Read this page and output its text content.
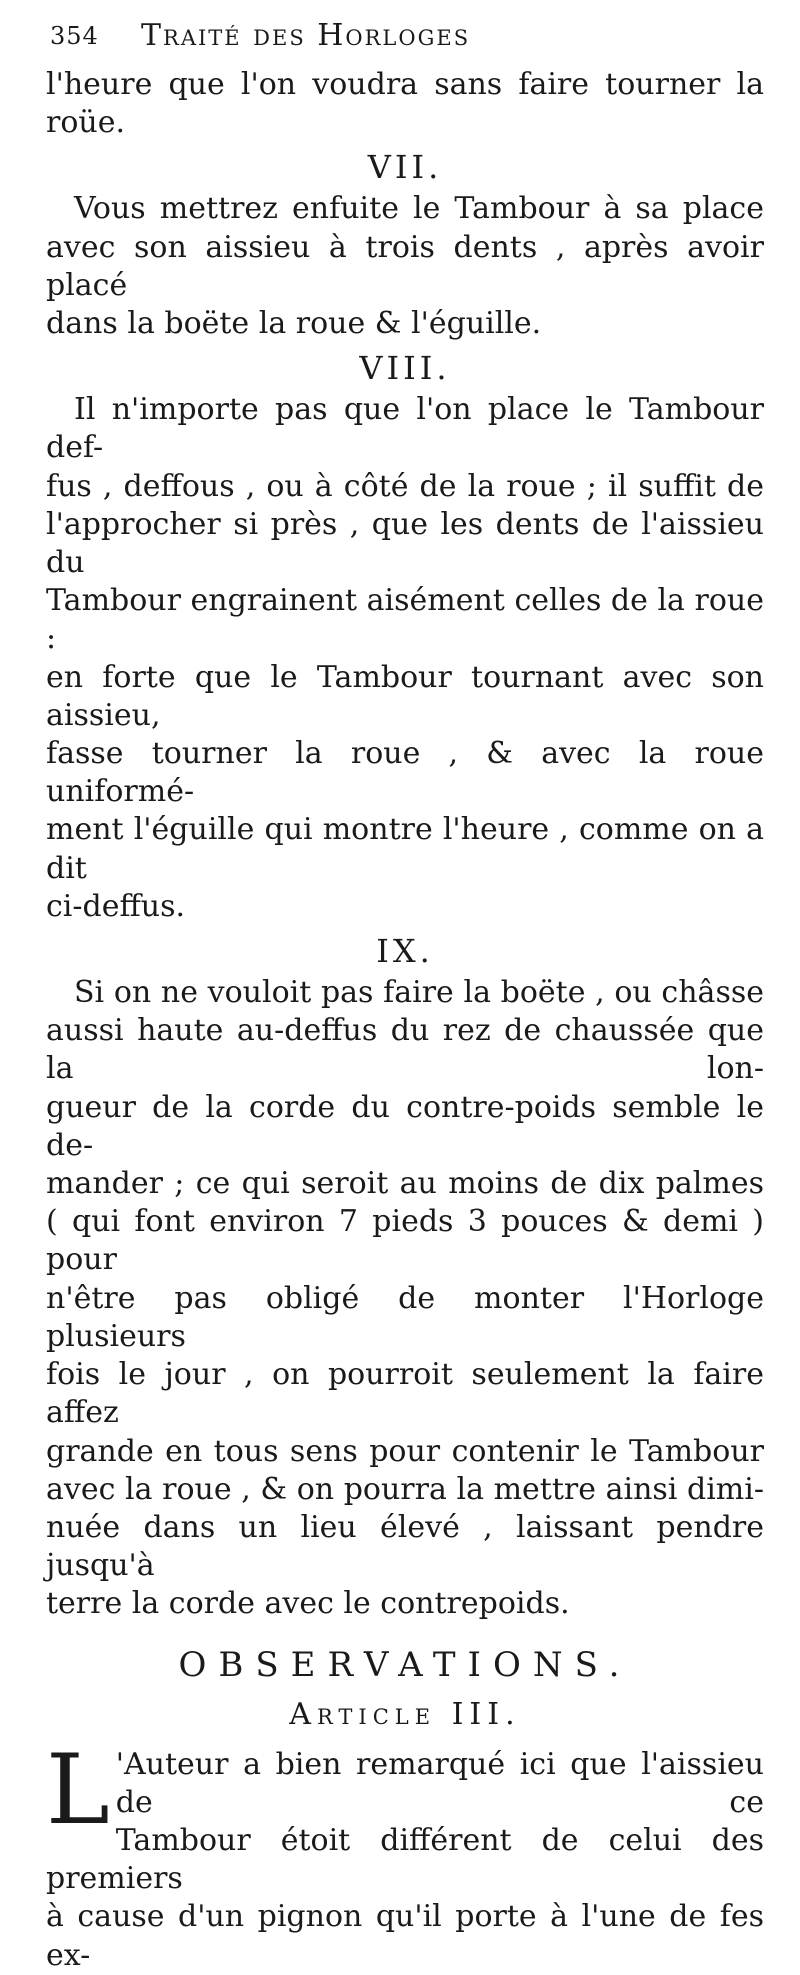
354 Traité des Horloges

l'heure que l'on voudra sans faire tourner la roüe.

VII.

Vous mettrez enfuite le Tambour à sa place

avec son aissieu à trois dents , après avoir placé

dans la boëte la roue & l'éguille.

VIII.

Il n'importe pas que l'on place le Tambour def-

fus , deffous , ou à côté de la roue ; il suffit de

l'approcher si près , que les dents de l'aissieu du

Tambour engrainent aisément celles de la roue :

en forte que le Tambour tournant avec son aissieu,

fasse tourner la roue , & avec la roue uniformé-

ment l'éguille qui montre l'heure , comme on a dit

ci-deffus.

IX.

Si on ne vouloit pas faire la boëte , ou châsse

aussi haute au-deffus du rez de chaussée que la lon-

gueur de la corde du contre-poids semble le de-

mander ; ce qui seroit au moins de dix palmes

( qui font environ 7 pieds 3 pouces & demi ) pour

n'être pas obligé de monter l'Horloge plusieurs

fois le jour , on pourroit seulement la faire affez

grande en tous sens pour contenir le Tambour

avec la roue , & on pourra la mettre ainsi dimi-

nuée dans un lieu élevé , laissant pendre jusqu'à

terre la corde avec le contrepoids.

OBSERVATIONS.
Article III.
L 'Auteur a bien remarqué ici que l'aissieu de ce

Tambour étoit différent de celui des premiers

à cause d'un pignon qu'il porte à l'une de fes ex-
